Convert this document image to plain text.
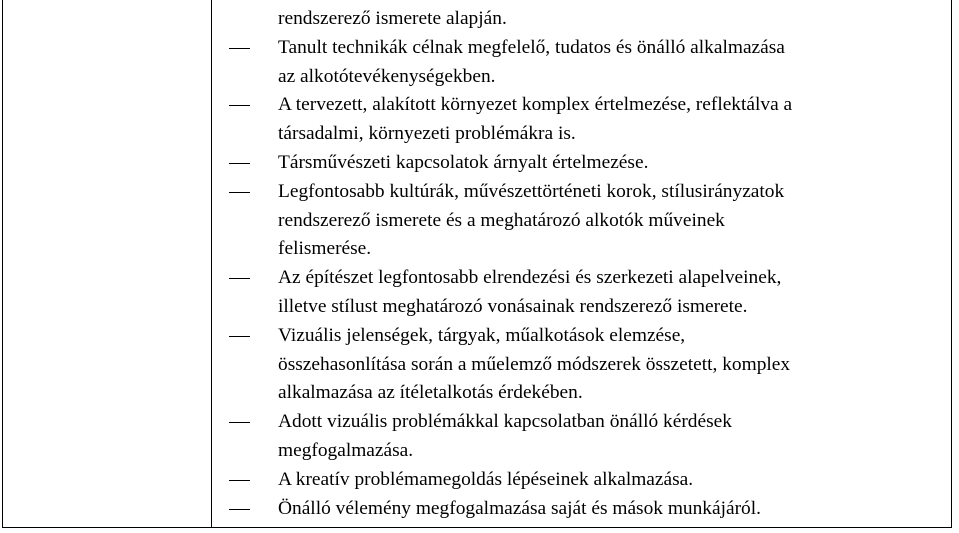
rendszerező ismerete alapján.
Tanult technikák célnak megfelelő, tudatos és önálló alkalmazása
az alkotótevékenységekben.
A tervezett, alakított környezet komplex értelmezése, reflektálva a
társadalmi, környezeti problémákra is.
Társművészeti kapcsolatok árnyalt értelmezése.
Legfontosabb kultúrák, művészettörténeti korok, stílusirányzatok
rendszerező ismerete és a meghatározó alkotók műveinek
felismerése.
Az építészet legfontosabb elrendezési és szerkezeti alapelveinek,
illetve stílust meghatározó vonásainak rendszerező ismerete.
Vizuális jelenségek, tárgyak, műalkotások elemzése,
összehasonlítása során a műelemző módszerek összetett, komplex
alkalmazása az ítéletalkotás érdekében.
Adott vizuális problémákkal kapcsolatban önálló kérdések
megfogalmazása.
A kreatív problémamegoldás lépéseinek alkalmazása.
Önálló vélemény megfogalmazása saját és mások munkájáról.
